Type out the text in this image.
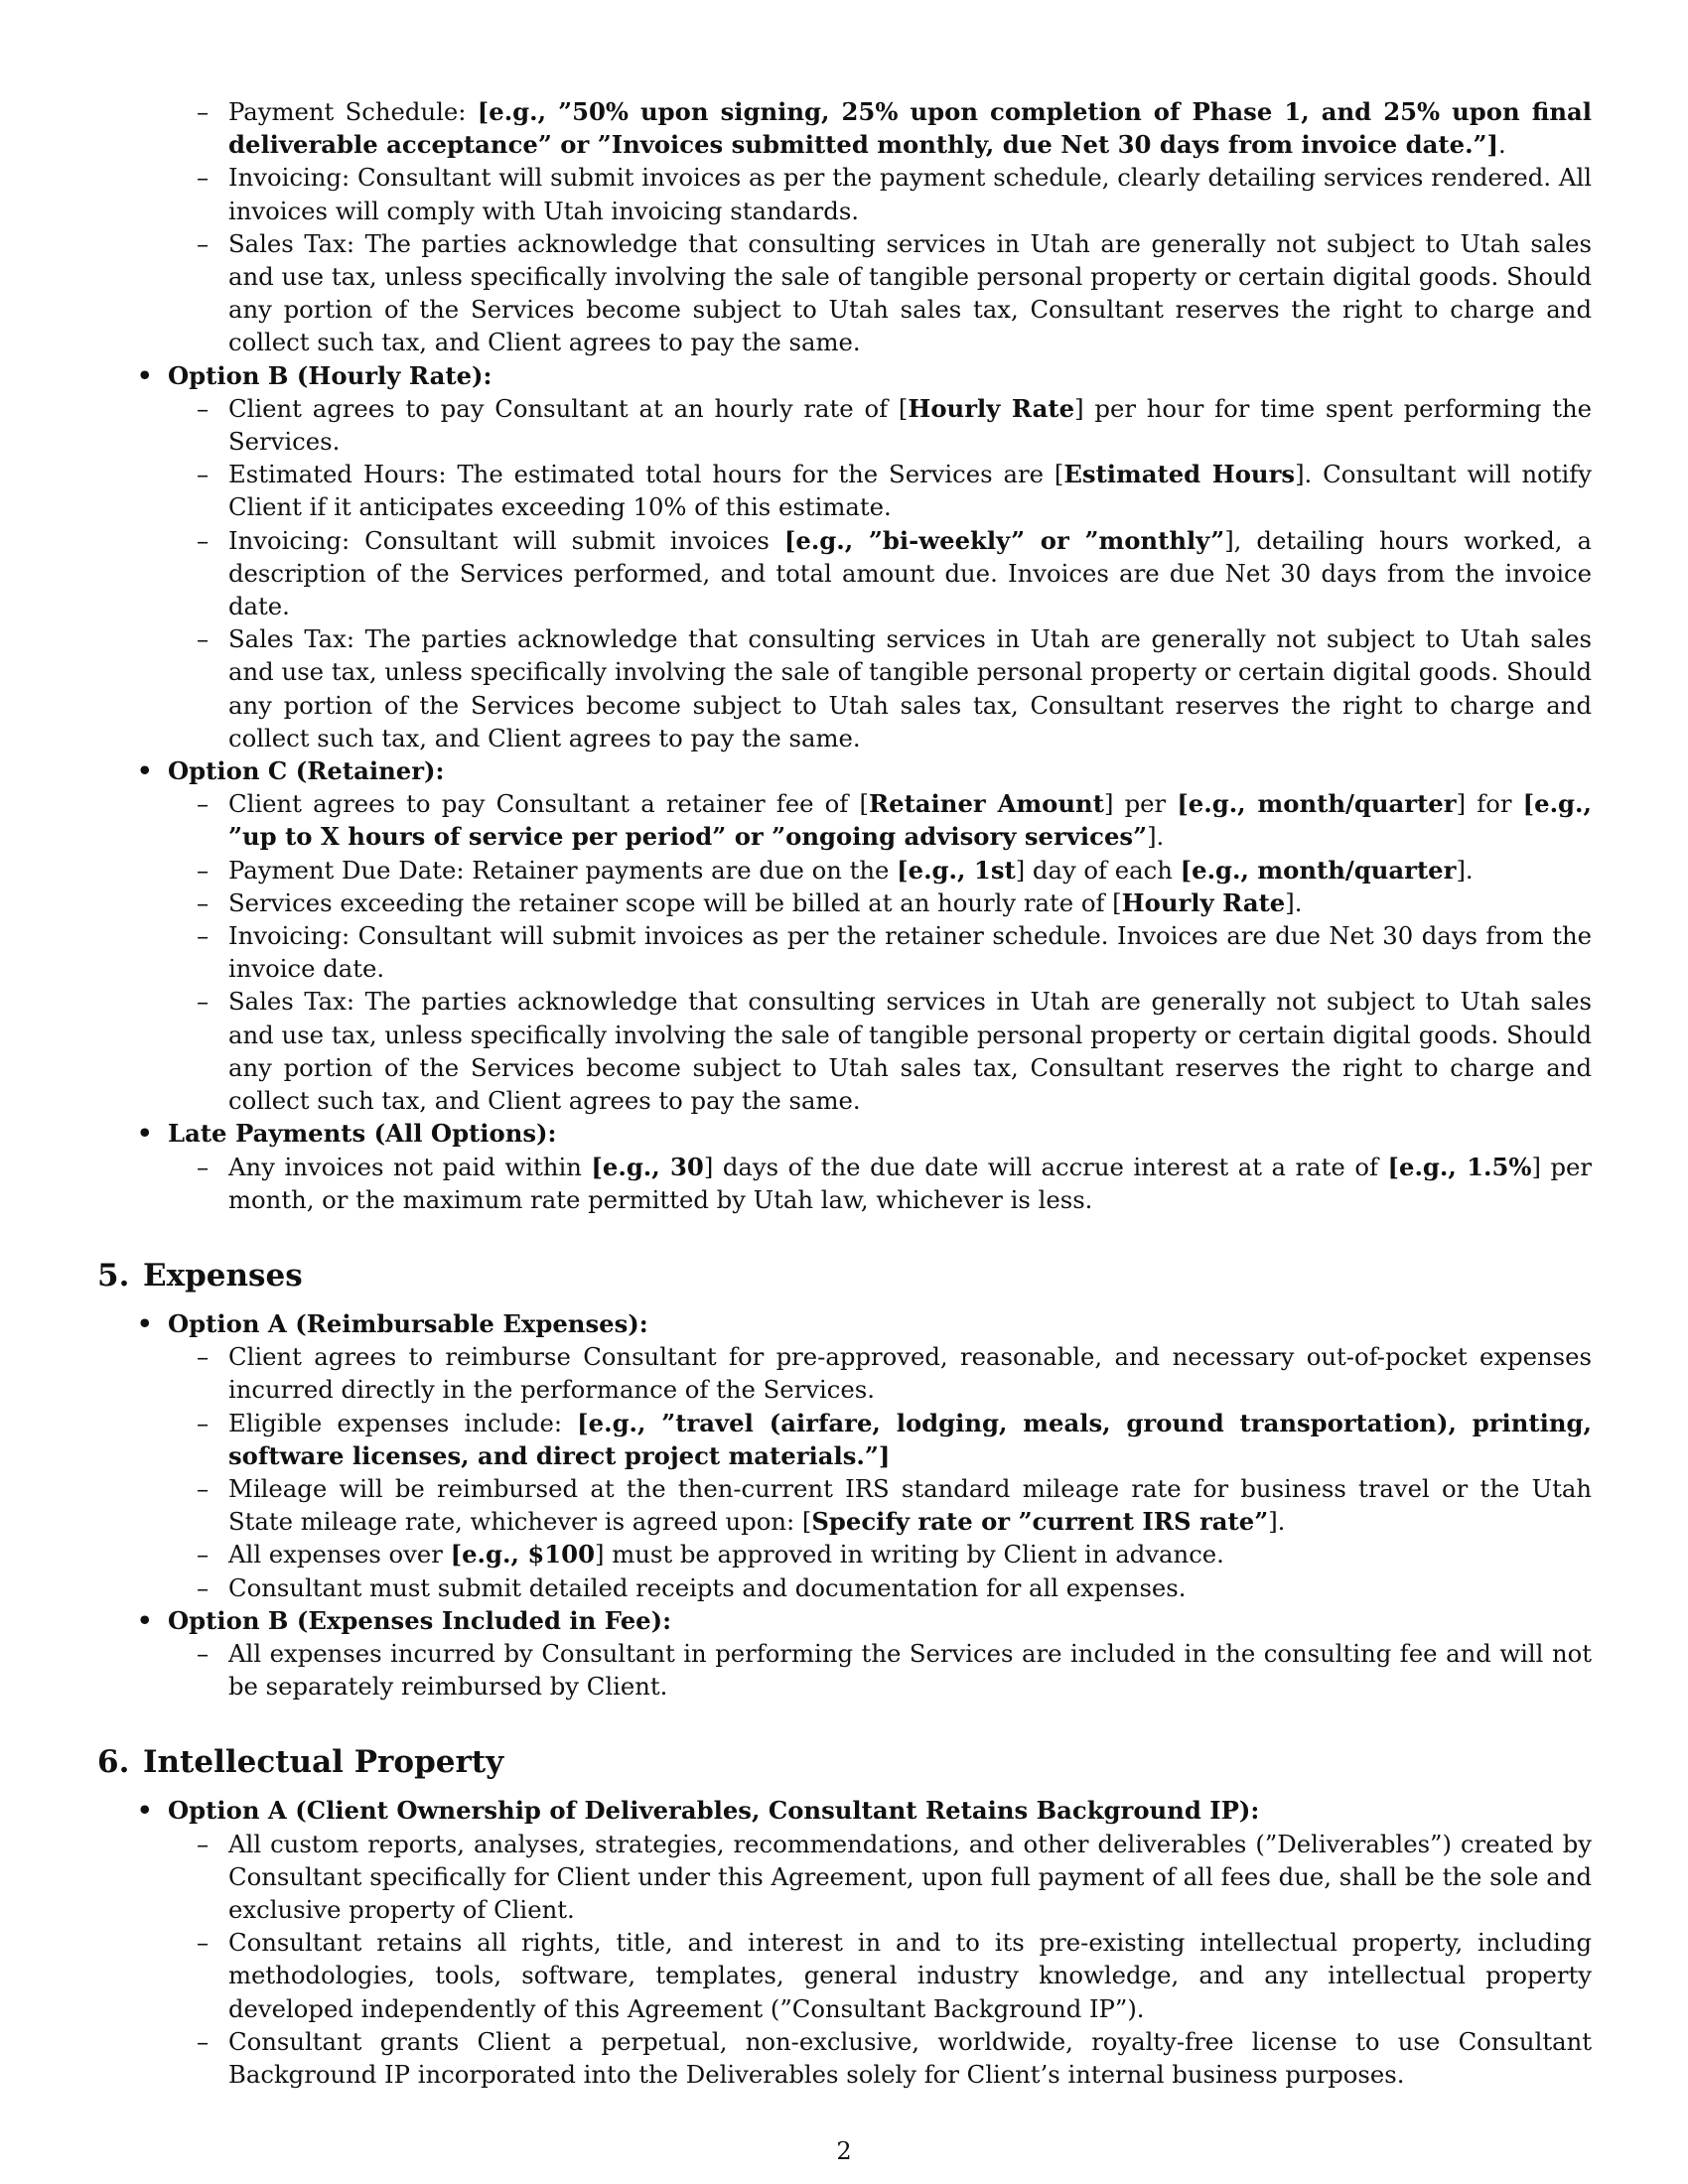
– Payment Schedule: [e.g., ”50% upon signing, 25% upon completion of Phase 1, and 25% upon final deliverable acceptance” or ”Invoices submitted monthly, due Net 30 days from invoice date.”].
– Invoicing: Consultant will submit invoices as per the payment schedule, clearly detailing services rendered. All invoices will comply with Utah invoicing standards.
– Sales Tax: The parties acknowledge that consulting services in Utah are generally not subject to Utah sales and use tax, unless specifically involving the sale of tangible personal property or certain digital goods. Should any portion of the Services become subject to Utah sales tax, Consultant reserves the right to charge and collect such tax, and Client agrees to pay the same.
• Option B (Hourly Rate):
– Client agrees to pay Consultant at an hourly rate of [Hourly Rate] per hour for time spent performing the Services.
– Estimated Hours: The estimated total hours for the Services are [Estimated Hours]. Consultant will notify Client if it anticipates exceeding 10% of this estimate.
– Invoicing: Consultant will submit invoices [e.g., ”bi-weekly” or ”monthly”], detailing hours worked, a description of the Services performed, and total amount due. Invoices are due Net 30 days from the invoice date.
– Sales Tax: The parties acknowledge that consulting services in Utah are generally not subject to Utah sales and use tax, unless specifically involving the sale of tangible personal property or certain digital goods. Should any portion of the Services become subject to Utah sales tax, Consultant reserves the right to charge and collect such tax, and Client agrees to pay the same.
• Option C (Retainer):
– Client agrees to pay Consultant a retainer fee of [Retainer Amount] per [e.g., month/quarter] for [e.g., ”up to X hours of service per period” or ”ongoing advisory services”].
– Payment Due Date: Retainer payments are due on the [e.g., 1st] day of each [e.g., month/quarter].
– Services exceeding the retainer scope will be billed at an hourly rate of [Hourly Rate].
– Invoicing: Consultant will submit invoices as per the retainer schedule. Invoices are due Net 30 days from the invoice date.
– Sales Tax: The parties acknowledge that consulting services in Utah are generally not subject to Utah sales and use tax, unless specifically involving the sale of tangible personal property or certain digital goods. Should any portion of the Services become subject to Utah sales tax, Consultant reserves the right to charge and collect such tax, and Client agrees to pay the same.
• Late Payments (All Options):
– Any invoices not paid within [e.g., 30] days of the due date will accrue interest at a rate of [e.g., 1.5%] per month, or the maximum rate permitted by Utah law, whichever is less.
5. Expenses
• Option A (Reimbursable Expenses):
– Client agrees to reimburse Consultant for pre-approved, reasonable, and necessary out-of-pocket expenses incurred directly in the performance of the Services.
– Eligible expenses include: [e.g., ”travel (airfare, lodging, meals, ground transportation), printing, software licenses, and direct project materials.”]
– Mileage will be reimbursed at the then-current IRS standard mileage rate for business travel or the Utah State mileage rate, whichever is agreed upon: [Specify rate or ”current IRS rate”].
– All expenses over [e.g., $100] must be approved in writing by Client in advance.
– Consultant must submit detailed receipts and documentation for all expenses.
• Option B (Expenses Included in Fee):
– All expenses incurred by Consultant in performing the Services are included in the consulting fee and will not be separately reimbursed by Client.
6. Intellectual Property
• Option A (Client Ownership of Deliverables, Consultant Retains Background IP):
– All custom reports, analyses, strategies, recommendations, and other deliverables (”Deliverables”) created by Consultant specifically for Client under this Agreement, upon full payment of all fees due, shall be the sole and exclusive property of Client.
– Consultant retains all rights, title, and interest in and to its pre-existing intellectual property, including methodologies, tools, software, templates, general industry knowledge, and any intellectual property developed independently of this Agreement (”Consultant Background IP”).
– Consultant grants Client a perpetual, non-exclusive, worldwide, royalty-free license to use Consultant Background IP incorporated into the Deliverables solely for Client’s internal business purposes.
2
